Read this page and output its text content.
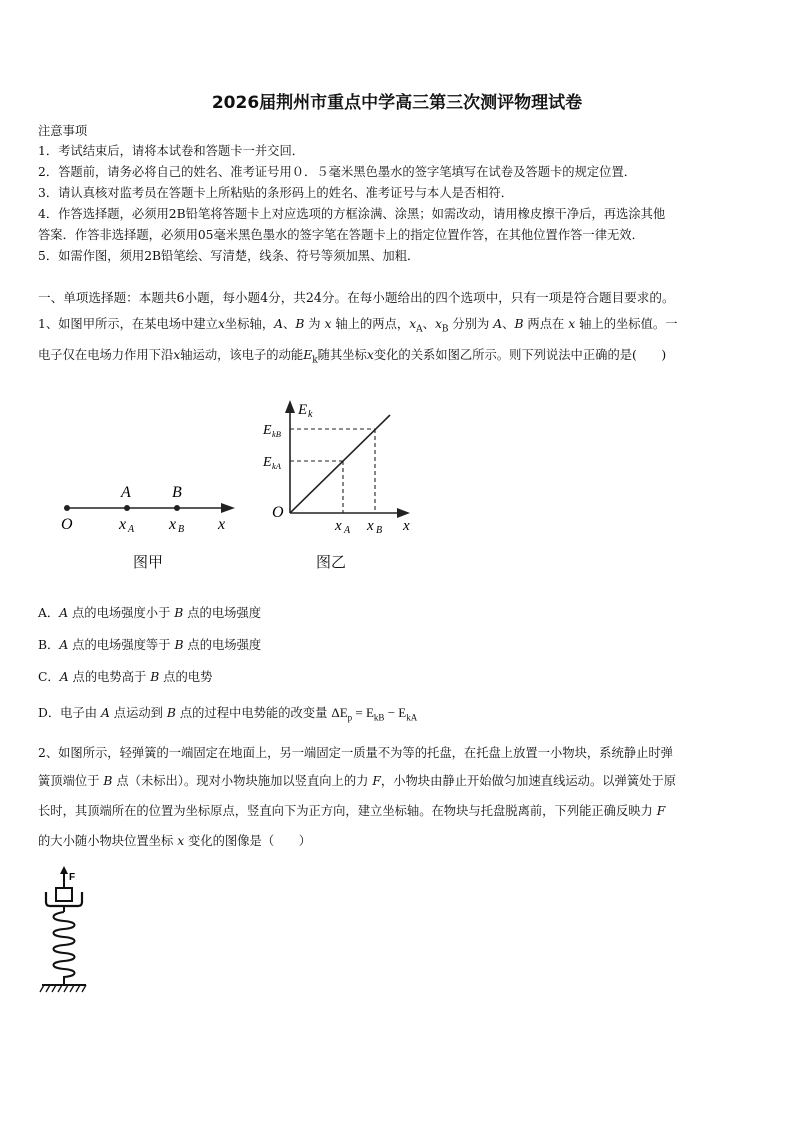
2026届荆州市重点中学高三第三次测评物理试卷
注意事项
1．考试结束后，请将本试卷和答题卡一并交回．
2．答题前，请务必将自己的姓名、准考证号用０．５毫米黑色墨水的签字笔填写在试卷及答题卡的规定位置．
3．请认真核对监考员在答题卡上所粘贴的条形码上的姓名、准考证号与本人是否相符．
4．作答选择题，必须用2B铅笔将答题卡上对应选项的方框涂满、涂黑；如需改动，请用橡皮擦干净后，再选涂其他
答案．作答非选择题，必须用05毫米黑色墨水的签字笔在答题卡上的指定位置作答，在其他位置作答一律无效．
5．如需作图，须用2B铅笔绘、写清楚，线条、符号等须加黑、加粗．
一、单项选择题：本题共6小题，每小题4分，共24分。在每小题给出的四个选项中，只有一项是符合题目要求的。
1、如图甲所示，在某电场中建立x坐标轴，A、B 为 x 轴上的两点，$x_A$、$x_B$ 分别为 A、B 两点在 x 轴上的坐标值。一
电子仅在电场力作用下沿x轴运动，该电子的动能$E_k$随其坐标x变化的关系如图乙所示。则下列说法中正确的是(　　)
A	B
O	x A x B x
图甲
E k
E kB
E kA
O
x A x B x
图乙
A．A 点的电场强度小于 B 点的电场强度
B．A 点的电场强度等于 B 点的电场强度
C．A 点的电势高于 B 点的电势
D．电子由 A 点运动到 B 点的过程中电势能的改变量 $\Delta E_p = E_{kB} - E_{kA}$
2、如图所示，轻弹簧的一端固定在地面上，另一端固定一质量不为等的托盘，在托盘上放置一小物块，系统静止时弹
簧顶端位于 B 点（未标出）。现对小物块施加以竖直向上的力 F，小物块由静止开始做匀加速直线运动。以弹簧处于原
长时，其顶端所在的位置为坐标原点，竖直向下为正方向，建立坐标轴。在物块与托盘脱离前，下列能正确反映力 F
的大小随小物块位置坐标 x 变化的图像是（　　）
F
